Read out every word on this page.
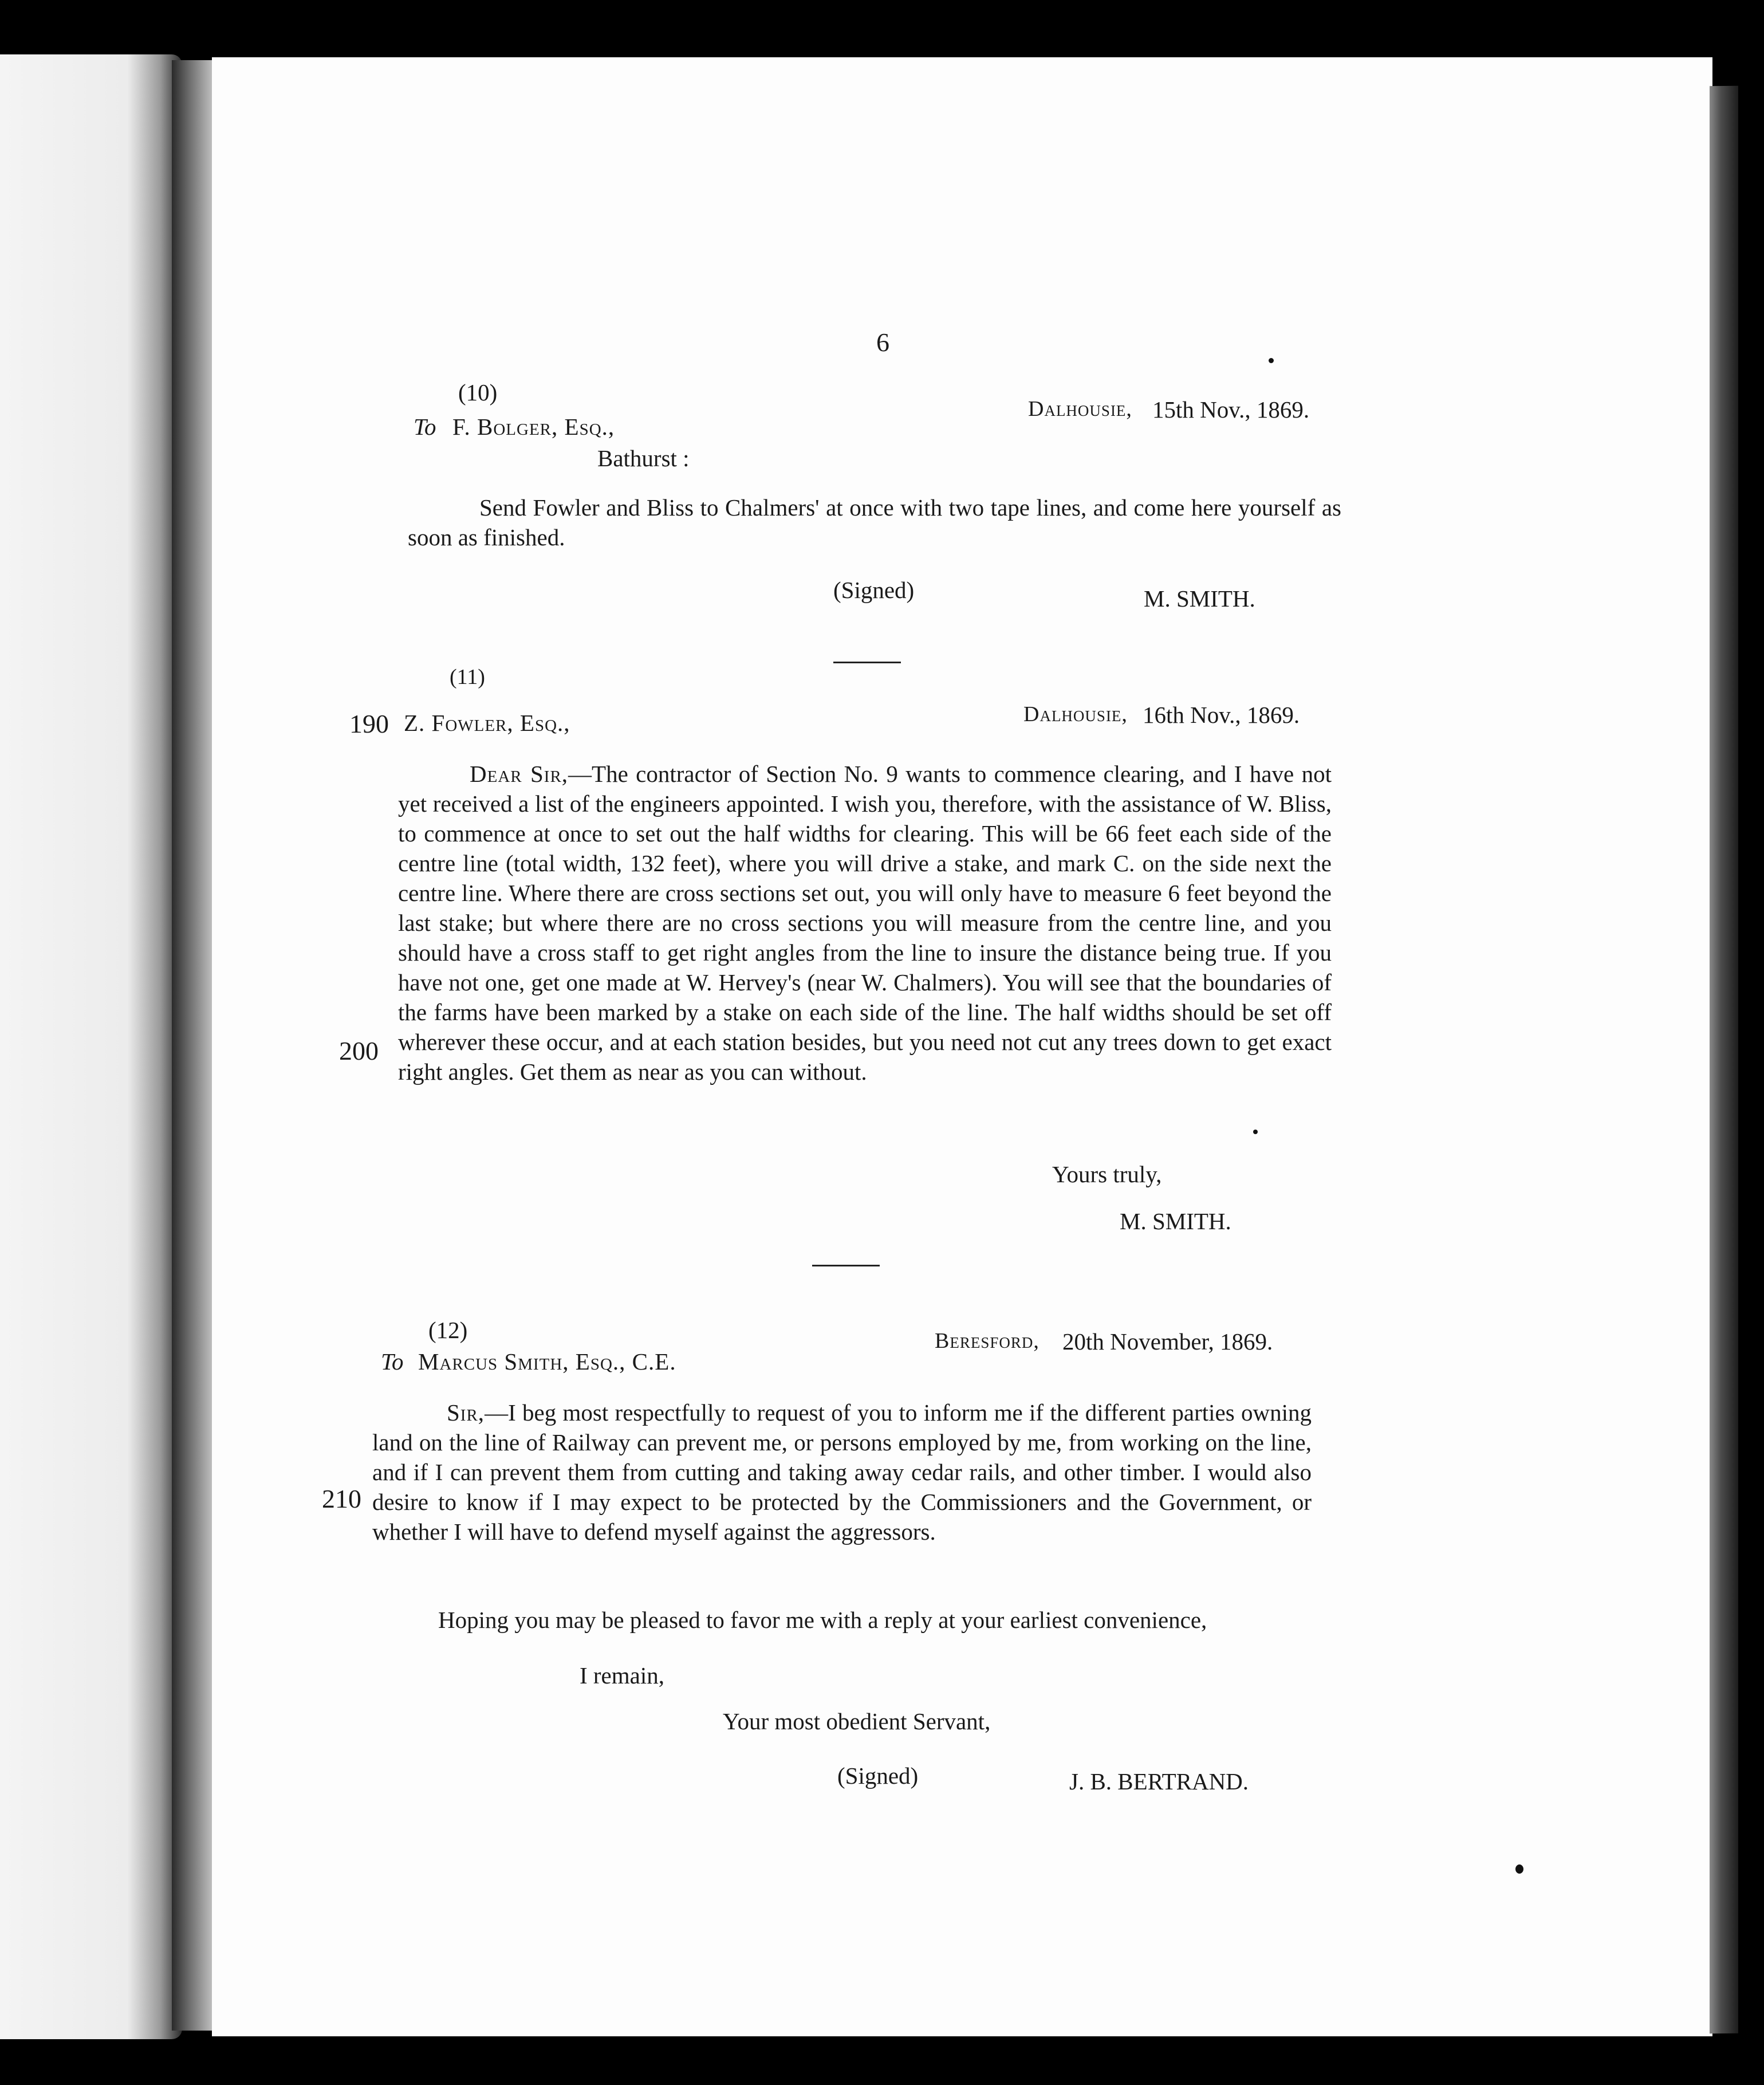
6
(10)
To F. Bolger, Esq.,
Bathurst :
Dalhousie, 15th Nov., 1869.
Send Fowler and Bliss to Chalmers' at once with two tape lines, and come here yourself as soon as finished.
(Signed)	M. SMITH.
(11)
190 Z. Fowler, Esq.,	Dalhousie, 16th Nov., 1869.
Dear Sir,—The contractor of Section No. 9 wants to commence clearing, and I have not yet received a list of the engineers appointed. I wish you, therefore, with the assistance of W. Bliss, to commence at once to set out the half widths for clearing. This will be 66 feet each side of the centre line (total width, 132 feet), where you will drive a stake, and mark C. on the side next the centre line. Where there are cross sections set out, you will only have to measure 6 feet beyond the last stake; but where there are no cross sections you will measure from the centre line, and you should have a cross staff to get right angles from the line to insure the distance being true. If you have not one, get one made at W. Hervey's (near W. Chalmers). You will see that the boundaries of the farms have been marked by a stake on each side of the line. The half widths should be set off wherever these occur, and at each station besides, but you need not cut any trees down to get exact right angles. Get them as near as you can without.
200
Yours truly,
M. SMITH.
(12)
To Marcus Smith, Esq., C.E.
Beresford, 20th November, 1869.
Sir,—I beg most respectfully to request of you to inform me if the different parties owning land on the line of Railway can prevent me, or persons employed by me, from working on the line, and if I can prevent them from cutting and taking away cedar rails, and other timber. I would also desire to know if I may expect to be protected by the Commissioners and the Government, or whether I will have to defend myself against the aggressors.
210
Hoping you may be pleased to favor me with a reply at your earliest convenience,
I remain,
Your most obedient Servant,
(Signed)	J. B. BERTRAND.
